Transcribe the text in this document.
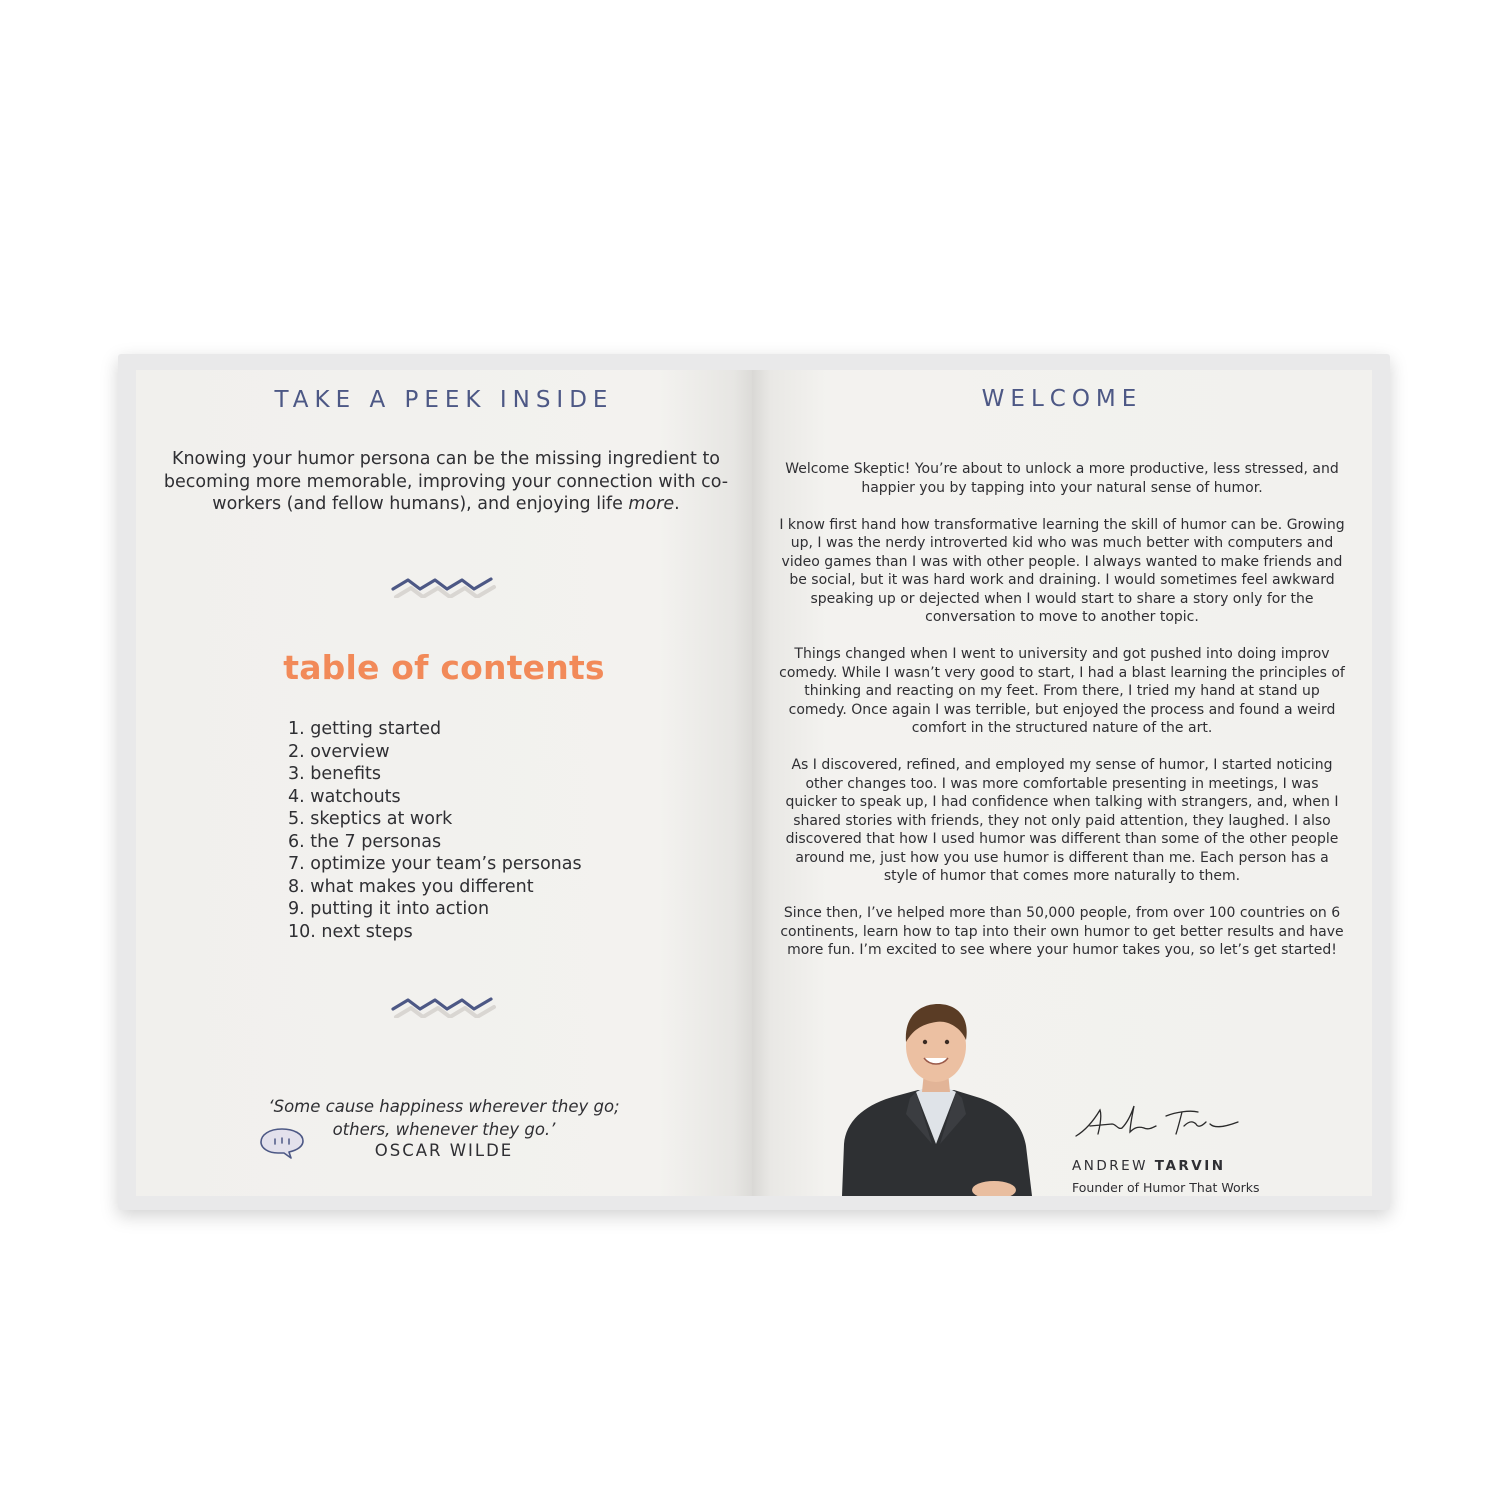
TAKE A PEEK INSIDE
Knowing your humor persona can be the missing ingredient to becoming more memorable, improving your connection with co-workers (and fellow humans), and enjoying life more.
table of contents
1. getting started
2. overview
3. benefits
4. watchouts
5. skeptics at work
6. the 7 personas
7. optimize your team’s personas
8. what makes you different
9. putting it into action
10. next steps
‘Some cause happiness wherever they go;
others, whenever they go.’
OSCAR WILDE
WELCOME

Welcome Skeptic! You’re about to unlock a more productive, less stressed, and happier you by tapping into your natural sense of humor.

I know first hand how transformative learning the skill of humor can be. Growing up, I was the nerdy introverted kid who was much better with computers and video games than I was with other people. I always wanted to make friends and be social, but it was hard work and draining. I would sometimes feel awkward speaking up or dejected when I would start to share a story only for the conversation to move to another topic.

Things changed when I went to university and got pushed into doing improv comedy. While I wasn’t very good to start, I had a blast learning the principles of thinking and reacting on my feet. From there, I tried my hand at stand up comedy. Once again I was terrible, but enjoyed the process and found a weird comfort in the structured nature of the art.

As I discovered, refined, and employed my sense of humor, I started noticing other changes too. I was more comfortable presenting in meetings, I was quicker to speak up, I had confidence when talking with strangers, and, when I shared stories with friends, they not only paid attention, they laughed. I also discovered that how I used humor was different than some of the other people around me, just how you use humor is different than me. Each person has a style of humor that comes more naturally to them.

Since then, I’ve helped more than 50,000 people, from over 100 countries on 6 continents, learn how to tap into their own humor to get better results and have more fun. I’m excited to see where your humor takes you, so let’s get started!

ANDREW TARVIN
Founder of Humor That Works
